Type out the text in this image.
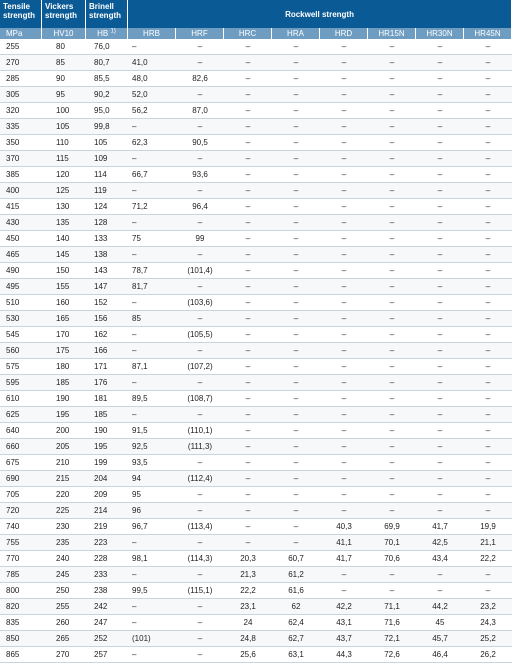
Tensile strength	Vickers strength	Brinell strength	Rockwell strength							
MPa	HV10	HB $^{1)}$	HRB	HRF	HRC	HRA	HRD	HR15N	HR30N	HR45N
255	80	76,0	–	–	–	–	–	–	–	–
270	85	80,7	41,0	–	–	–	–	–	–	–
285	90	85,5	48,0	82,6	–	–	–	–	–	–
305	95	90,2	52,0	–	–	–	–	–	–	–
320	100	95,0	56,2	87,0	–	–	–	–	–	–
335	105	99,8	–	–	–	–	–	–	–	–
350	110	105	62,3	90,5	–	–	–	–	–	–
370	115	109	–	–	–	–	–	–	–	–
385	120	114	66,7	93,6	–	–	–	–	–	–
400	125	119	–	–	–	–	–	–	–	–
415	130	124	71,2	96,4	–	–	–	–	–	–
430	135	128	–	–	–	–	–	–	–	–
450	140	133	75	99	–	–	–	–	–	–
465	145	138	–	–	–	–	–	–	–	–
490	150	143	78,7	(101,4)	–	–	–	–	–	–
495	155	147	81,7	–	–	–	–	–	–	–
510	160	152	–	(103,6)	–	–	–	–	–	–
530	165	156	85	–	–	–	–	–	–	–
545	170	162	–	(105,5)	–	–	–	–	–	–
560	175	166	–	–	–	–	–	–	–	–
575	180	171	87,1	(107,2)	–	–	–	–	–	–
595	185	176	–	–	–	–	–	–	–	–
610	190	181	89,5	(108,7)	–	–	–	–	–	–
625	195	185	–	–	–	–	–	–	–	–
640	200	190	91,5	(110,1)	–	–	–	–	–	–
660	205	195	92,5	(111,3)	–	–	–	–	–	–
675	210	199	93,5	–	–	–	–	–	–	–
690	215	204	94	(112,4)	–	–	–	–	–	–
705	220	209	95	–	–	–	–	–	–	–
720	225	214	96	–	–	–	–	–	–	–
740	230	219	96,7	(113,4)	–	–	40,3	69,9	41,7	19,9
755	235	223	–	–	–	–	41,1	70,1	42,5	21,1
770	240	228	98,1	(114,3)	20,3	60,7	41,7	70,6	43,4	22,2
785	245	233	–	–	21,3	61,2	–	–	–	–
800	250	238	99,5	(115,1)	22,2	61,6	–	–	–	–
820	255	242	–	–	23,1	62	42,2	71,1	44,2	23,2
835	260	247	–	–	24	62,4	43,1	71,6	45	24,3
850	265	252	(101)	–	24,8	62,7	43,7	72,1	45,7	25,2
865	270	257	–	–	25,6	63,1	44,3	72,6	46,4	26,2
